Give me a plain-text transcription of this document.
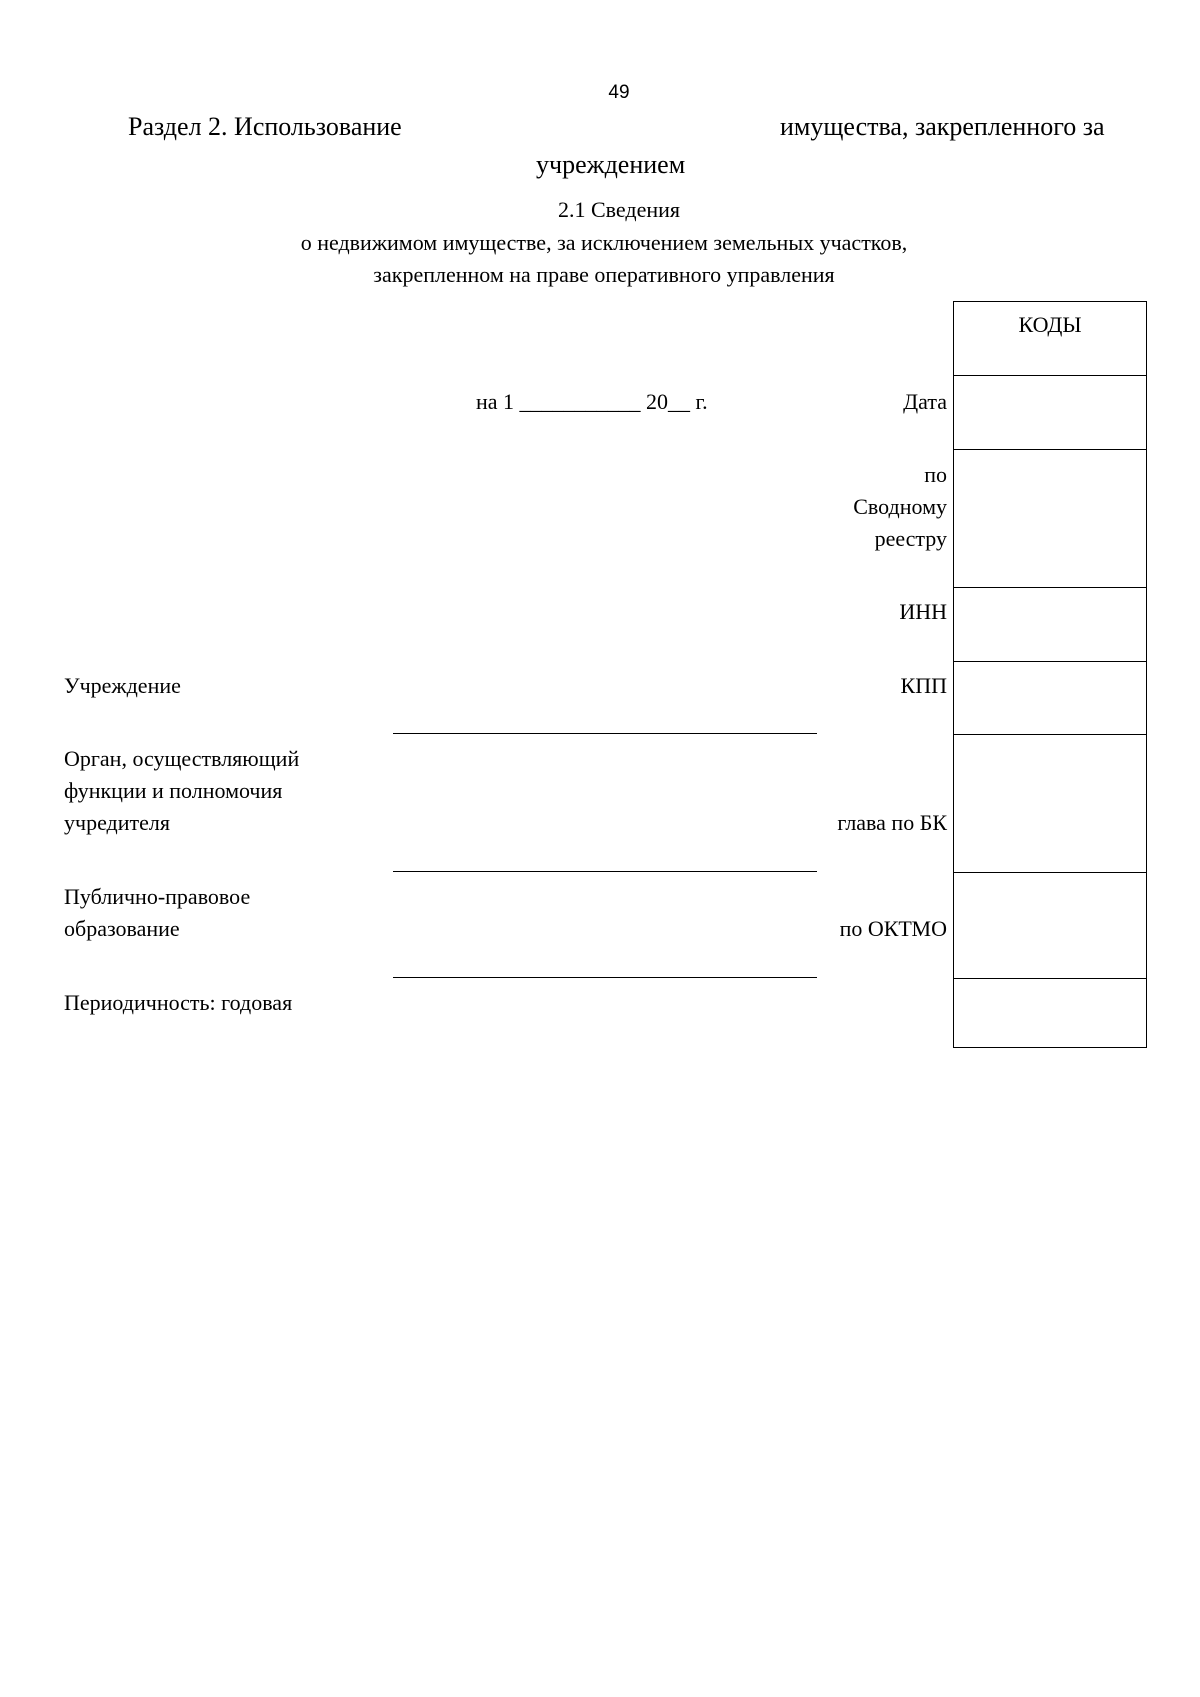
49
Раздел 2. Использование	имущества, закрепленного за
учреждением
2.1 Сведения
о недвижимом имуществе, за исключением земельных участков,
закрепленном на праве оперативного управления
на 1 ___________ 20__ г.
КОДЫ
Дата
по
Сводному
реестру
ИНН
КПП
глава по БК
по ОКТМО
Учреждение
Орган, осуществляющий
функции и полномочия
учредителя
Публично-правовое
образование
Периодичность: годовая
